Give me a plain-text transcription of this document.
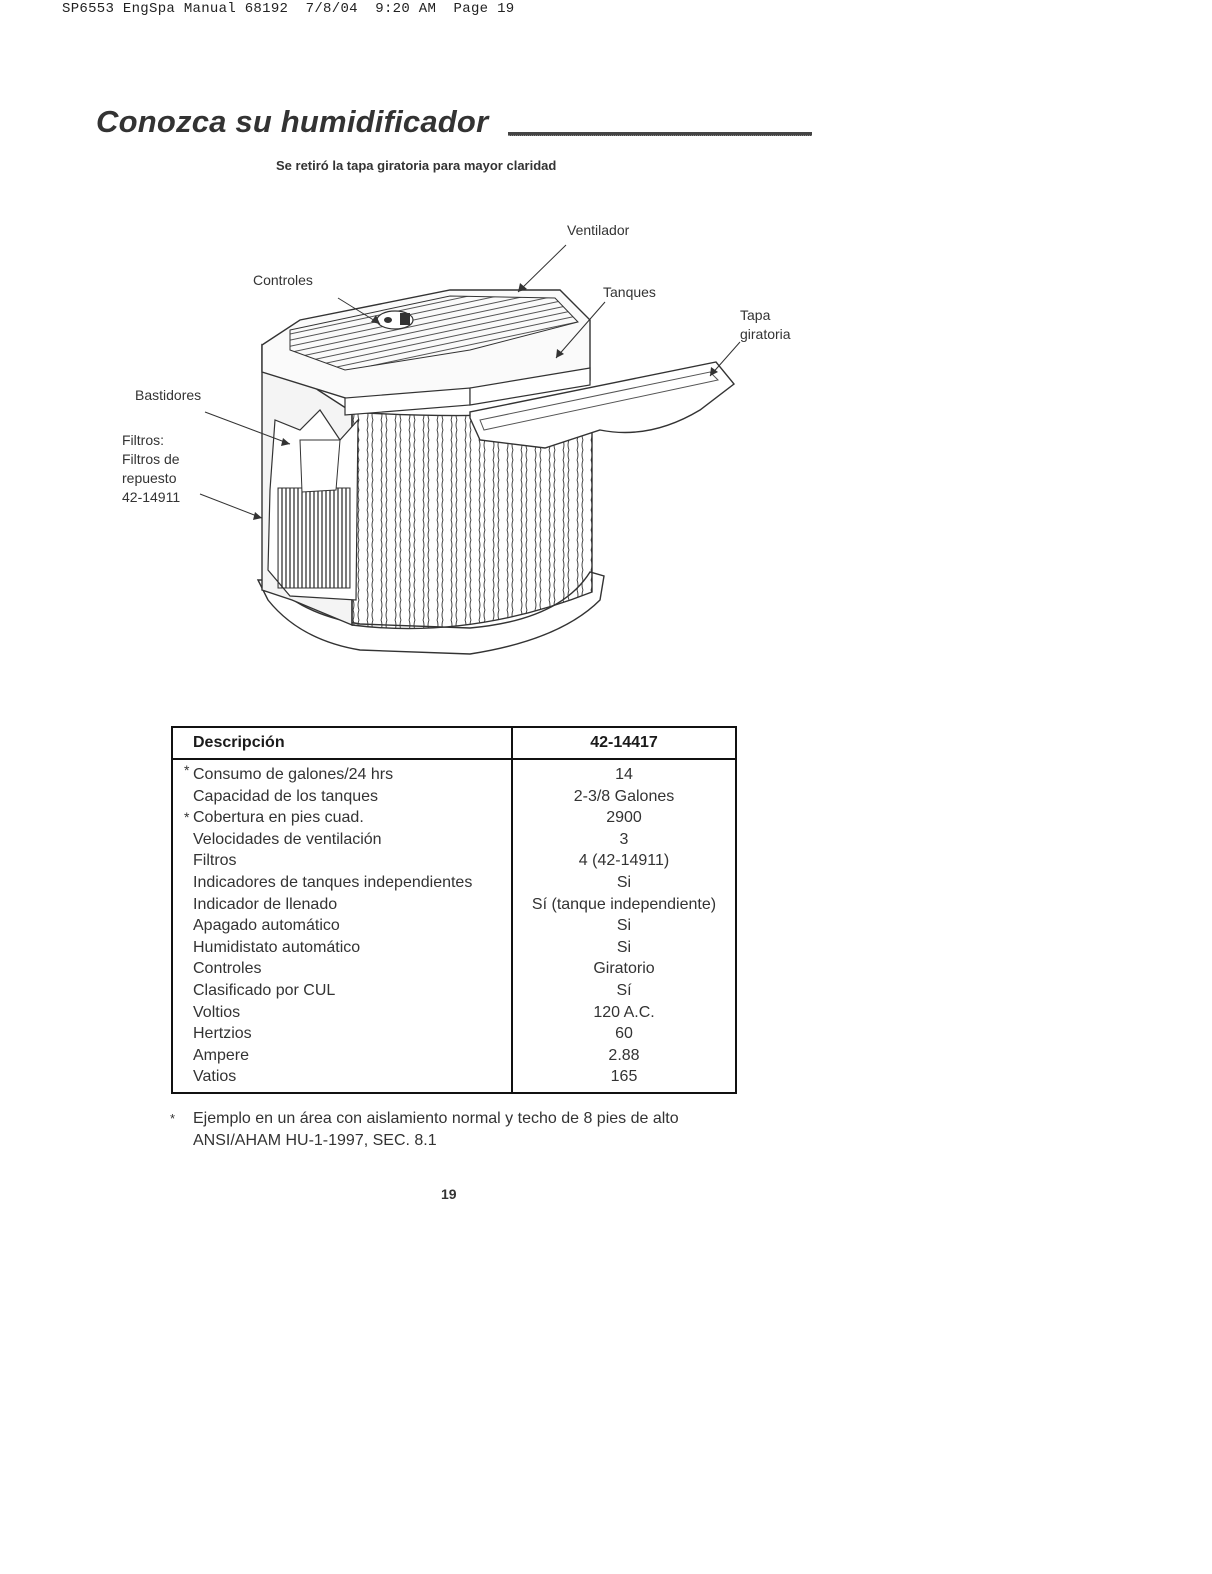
SP6553 EngSpa Manual 68192  7/8/04  9:20 AM  Page 19
Conozca su humidificador
Se retiró la tapa giratoria para mayor claridad
Ventilador
Controles
Tanques
Tapa
giratoria
Bastidores
Filtros:
Filtros de
repuesto
42-14911
Descripción	42-14417

* Consumo de galones/24 hrs	14
Capacidad de los tanques	2-3/8 Galones

* Cobertura en pies cuad.	2900
Velocidades de ventilación	3
Filtros	4 (42-14911)
Indicadores de tanques independientes	Si
Indicador de llenado	Sí (tanque independiente)
Apagado automático	Si
Humidistato automático	Si
Controles	Giratorio
Clasificado por CUL	Sí
Voltios	120 A.C.
Hertzios	60
Ampere	2.88
Vatios	165
* Ejemplo en un área con aislamiento normal y techo de 8 pies de alto
ANSI/AHAM HU-1-1997, SEC. 8.1
19
